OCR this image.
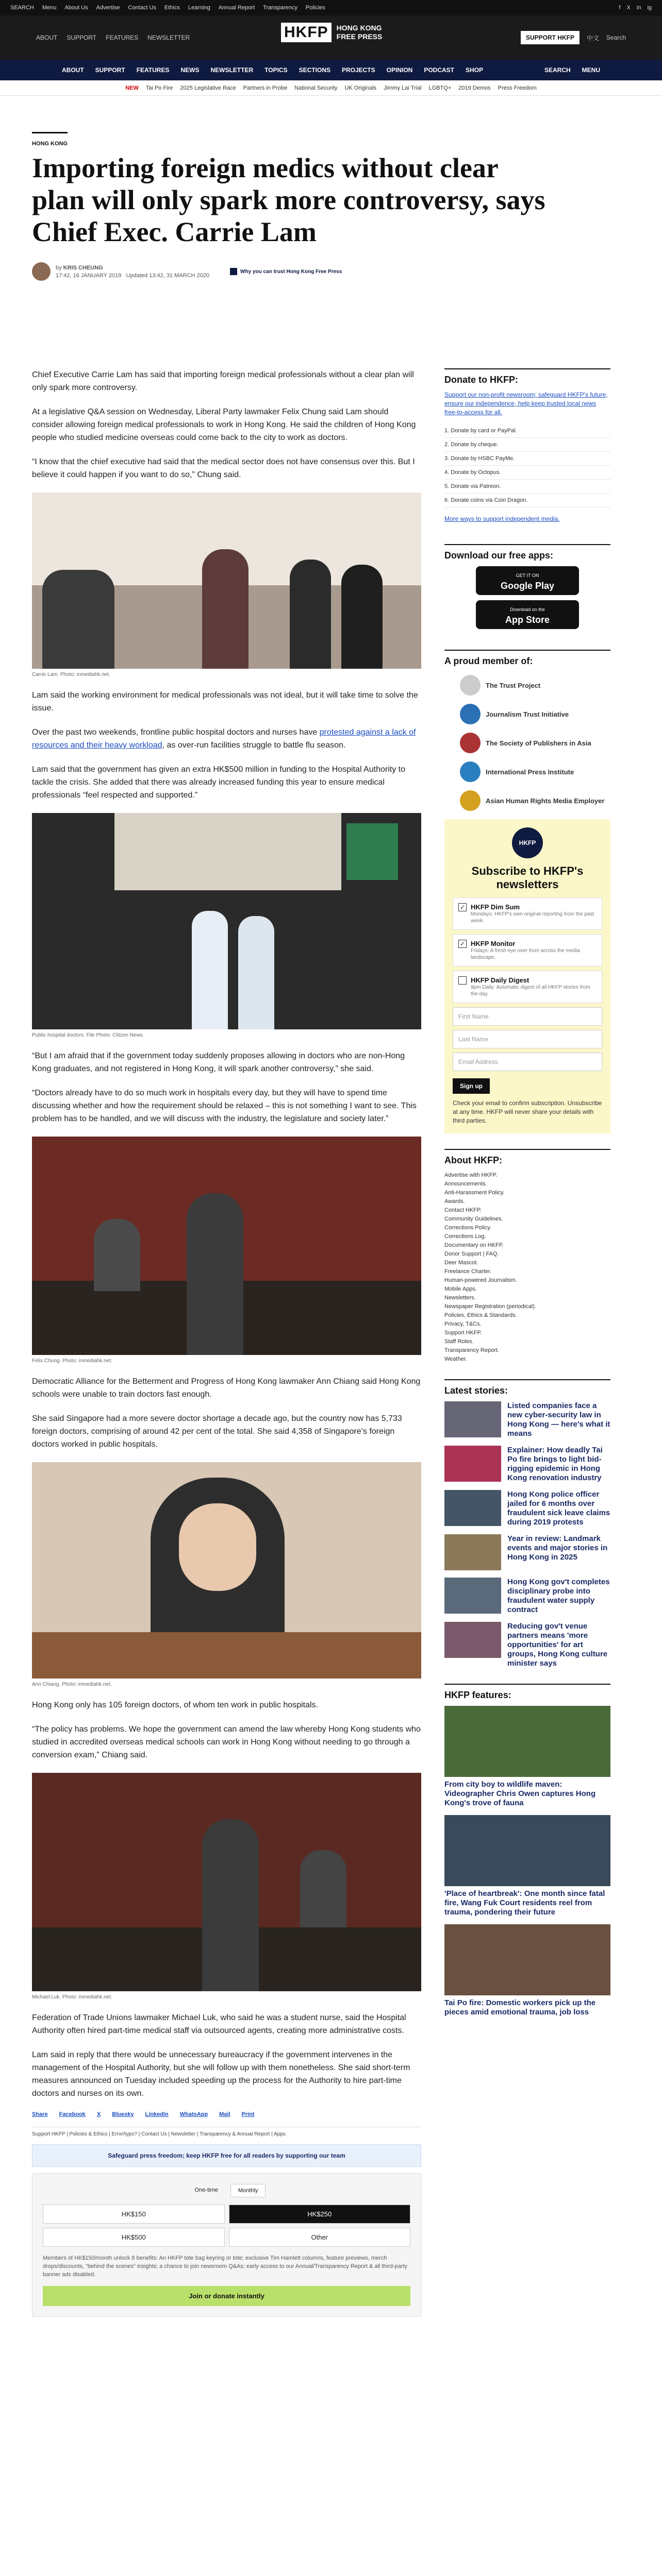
SEARCH Menu About Us Advertise Contact Us Ethics Learning Annual Report Transparency Policies	f X in ig
ABOUT SUPPORT FEATURES NEWSLETTER	HKFP	HONG KONG
FREE PRESS	SUPPORT HKFP	中文 Search
ABOUT SUPPORT FEATURES NEWS NEWSLETTER TOPICS SECTIONS PROJECTS OPINION PODCAST SHOP	SEARCH MENU
NEW Tai Po Fire 2025 Legislative Race Partners in Probe National Security UK Originals Jimmy Lai Trial LGBTQ+ 2019 Demos Press Freedom
HONG KONG
Importing foreign medics without clear plan will only spark more controversy, says Chief Exec. Carrie Lam
by KRIS CHEUNG
17:42, 16 JANUARY 2019 Updated 13:42, 31 MARCH 2020
Why you can trust Hong Kong Free Press

Chief Executive Carrie Lam has said that importing foreign medical professionals without a clear plan will only spark more controversy.

At a legislative Q&A session on Wednesday, Liberal Party lawmaker Felix Chung said Lam should consider allowing foreign medical professionals to work in Hong Kong. He said the children of Hong Kong people who studied medicine overseas could come back to the city to work as doctors.

“I know that the chief executive had said that the medical sector does not have consensus over this. But I believe it could happen if you want to do so,” Chung said.

Carrie Lam. Photo: inmediahk.net.

Lam said the working environment for medical professionals was not ideal, but it will take time to solve the issue.

Over the past two weekends, frontline public hospital doctors and nurses have protested against a lack of resources and their heavy workload, as over-run facilities struggle to battle flu season.

Lam said that the government has given an extra HK$500 million in funding to the Hospital Authority to tackle the crisis. She added that there was already increased funding this year to ensure medical professionals “feel respected and supported.”

Public hospital doctors. File Photo: Citizen News.

“But I am afraid that if the government today suddenly proposes allowing in doctors who are non-Hong Kong graduates, and not registered in Hong Kong, it will spark another controversy,” she said.

“Doctors already have to do so much work in hospitals every day, but they will have to spend time discussing whether and how the requirement should be relaxed – this is not something I want to see. This problem has to be handled, and we will discuss with the industry, the legislature and society later.”

Felix Chung. Photo: inmediahk.net.

Democratic Alliance for the Betterment and Progress of Hong Kong lawmaker Ann Chiang said Hong Kong schools were unable to train doctors fast enough.

She said Singapore had a more severe doctor shortage a decade ago, but the country now has 5,733 foreign doctors, comprising of around 42 per cent of the total. She said 4,358 of Singapore’s foreign doctors worked in public hospitals.

Ann Chiang. Photo: inmediahk.net.

Hong Kong only has 105 foreign doctors, of whom ten work in public hospitals.

“The policy has problems. We hope the government can amend the law whereby Hong Kong students who studied in accredited overseas medical schools can work in Hong Kong without needing to go through a conversion exam,” Chiang said.

Michael Luk. Photo: inmediahk.net.

Federation of Trade Unions lawmaker Michael Luk, who said he was a student nurse, said the Hospital Authority often hired part-time medical staff via outsourced agents, creating more administrative costs.

Lam said in reply that there would be unnecessary bureaucracy if the government intervenes in the management of the Hospital Authority, but she will follow up with them nonetheless. She said short-term measures announced on Tuesday included speeding up the process for the Authority to hire part-time doctors and nurses on its own.

Share Facebook X Bluesky LinkedIn WhatsApp Mail Print
Support HKFP | Policies & Ethics | Error/typo? | Contact Us | Newsletter | Transparency & Annual Report | Apps
Safeguard press freedom; keep HKFP free for all readers by supporting our team
One-time	Monthly
HK$150	HK$250
HK$500	Other
Members of HK$150/month unlock 8 benefits: An HKFP tote bag keyring or tote; exclusive Tim Hamlett columns, feature previews, merch drops/discounts, “behind the scenes” insights; a chance to join newsroom Q&As; early access to our Annual/Transparency Report & all third-party banner ads disabled.
Join or donate instantly
Donate to HKFP:

Support our non-profit newsroom; safeguard HKFP's future, ensure our independence, help keep trusted local news free-to-access for all.

1. Donate by card or PayPal.
2. Donate by cheque.
3. Donate by HSBC PayMe.
4. Donate by Octopus.
5. Donate via Patreon.
6. Donate coins via Coin Dragon.

More ways to support independent media.

Download our free apps:
GET IT ON
Google Play
Download on the
App Store
A proud member of:
The Trust Project
Journalism Trust Initiative
The Society of Publishers in Asia
International Press Institute
Asian Human Rights Media Employer
HKFP
Subscribe to HKFP's newsletters
✓ HKFP Dim Sum
Mondays: HKFP's own original reporting from the past week.
✓ HKFP Monitor
Fridays: A fresh eye over from across the media landscape.
HKFP Daily Digest
9pm Daily: Automatic digest of all HKFP stories from the day.
First Name
Last Name
Email Address
Sign up

Check your email to confirm subscription. Unsubscribe at any time. HKFP will never share your details with third parties.

About HKFP:
Advertise with HKFP.
Announcements.
Anti-Harassment Policy.
Awards.
Contact HKFP.
Community Guidelines.
Corrections Policy.
Corrections Log.
Documentary on HKFP.
Donor Support | FAQ.
Deer Mascot.
Freelance Charter.
Human-powered Journalism.
Mobile Apps.
Newsletters.
Newspaper Registration (periodical).
Policies, Ethics & Standards.
Privacy, T&Cs.
Support HKFP.
Staff Roles.
Transparency Report.
Weather.
Latest stories:
Listed companies face a new cyber-security law in Hong Kong — here's what it means
Explainer: How deadly Tai Po fire brings to light bid-rigging epidemic in Hong Kong renovation industry
Hong Kong police officer jailed for 6 months over fraudulent sick leave claims during 2019 protests
Year in review: Landmark events and major stories in Hong Kong in 2025
Hong Kong gov't completes disciplinary probe into fraudulent water supply contract
Reducing gov't venue partners means 'more opportunities' for art groups, Hong Kong culture minister says
HKFP features:
From city boy to wildlife maven: Videographer Chris Owen captures Hong Kong's trove of fauna
'Place of heartbreak': One month since fatal fire, Wang Fuk Court residents reel from trauma, pondering their future
Tai Po fire: Domestic workers pick up the pieces amid emotional trauma, job loss
